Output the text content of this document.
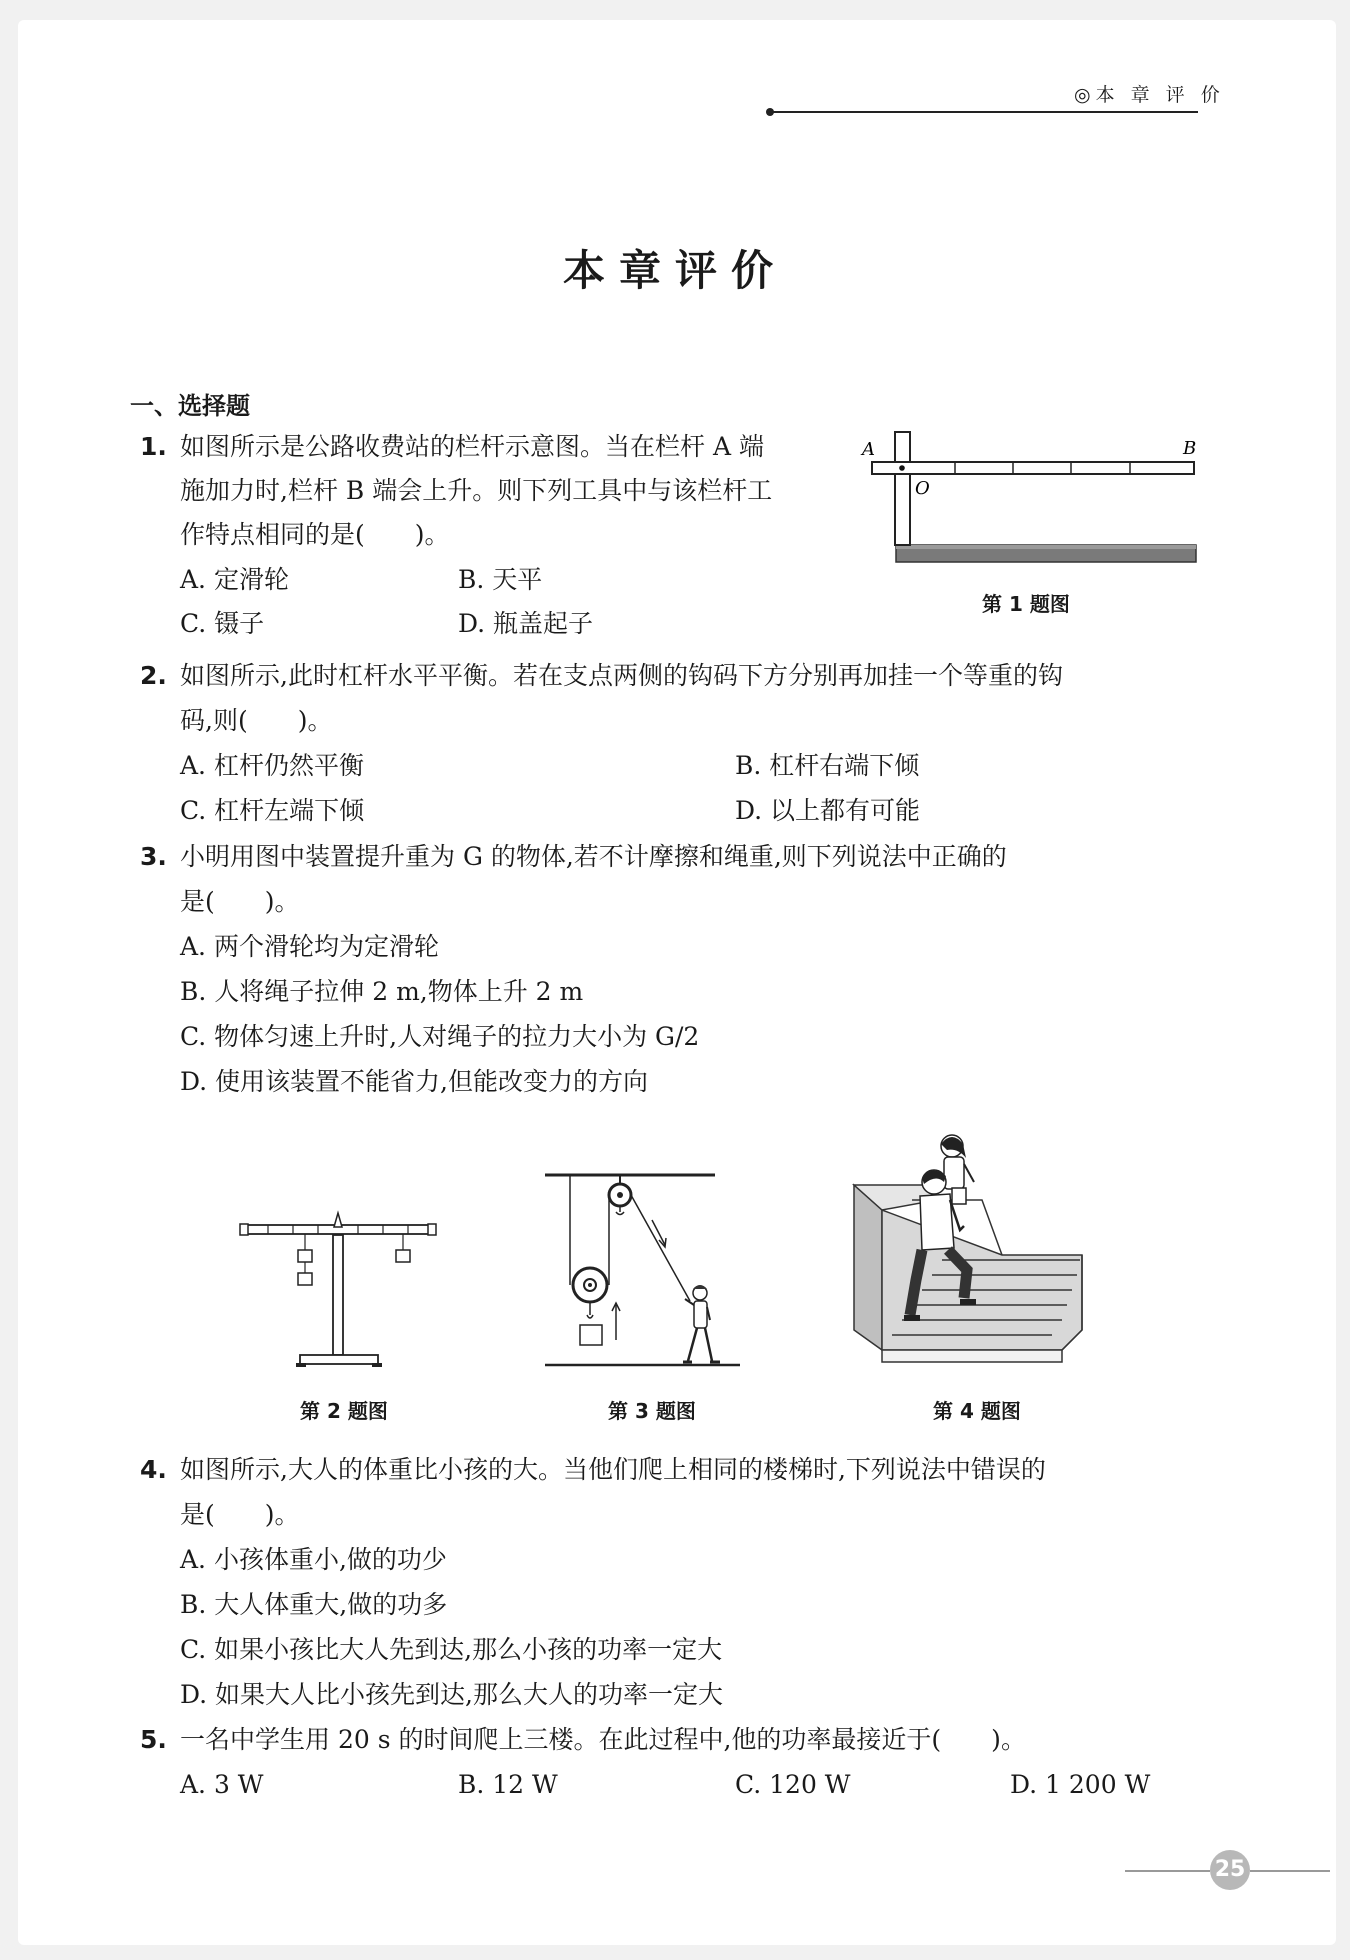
◎本 章 评 价
本章评价
一、选择题
1. 如图所示是公路收费站的栏杆示意图。当在栏杆 A 端
施加力时,栏杆 B 端会上升。则下列工具中与该栏杆工
作特点相同的是(　　)。
A. 定滑轮	B. 天平
C. 镊子	D. 瓶盖起子
A	B
O
第 1 题图
2. 如图所示,此时杠杆水平平衡。若在支点两侧的钩码下方分别再加挂一个等重的钩
码,则(　　)。
A. 杠杆仍然平衡	B. 杠杆右端下倾
C. 杠杆左端下倾	D. 以上都有可能
3. 小明用图中装置提升重为 G 的物体,若不计摩擦和绳重,则下列说法中正确的
是(　　)。
A. 两个滑轮均为定滑轮
B. 人将绳子拉伸 2 m,物体上升 2 m
C. 物体匀速上升时,人对绳子的拉力大小为 G/2
D. 使用该装置不能省力,但能改变力的方向
第 2 题图	第 3 题图	第 4 题图
4. 如图所示,大人的体重比小孩的大。当他们爬上相同的楼梯时,下列说法中错误的
是(　　)。
A. 小孩体重小,做的功少
B. 大人体重大,做的功多
C. 如果小孩比大人先到达,那么小孩的功率一定大
D. 如果大人比小孩先到达,那么大人的功率一定大
5. 一名中学生用 20 s 的时间爬上三楼。在此过程中,他的功率最接近于(　　)。
A. 3 W	B. 12 W	C. 120 W	D. 1 200 W
25
